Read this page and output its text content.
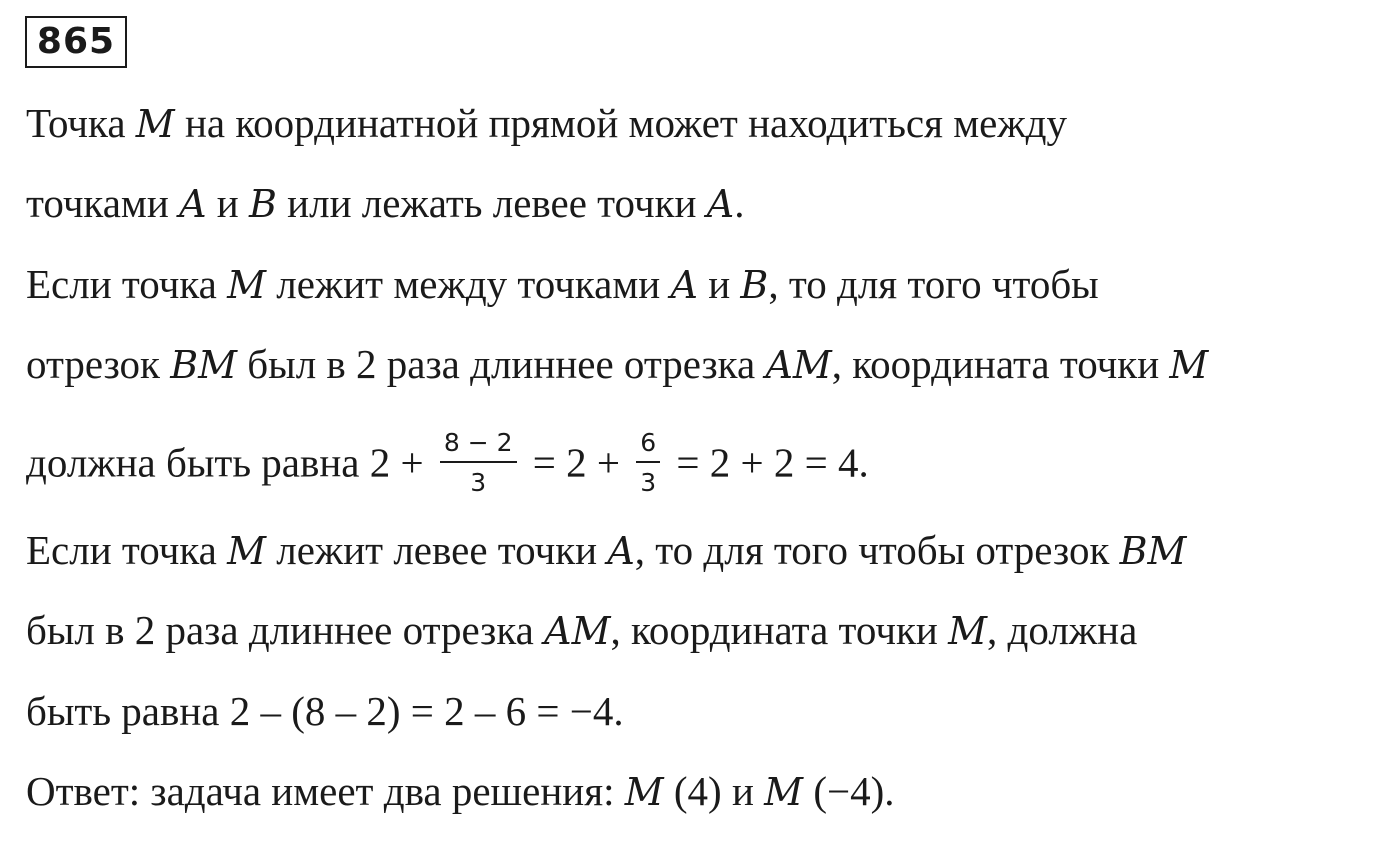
865
Точка M на координатной прямой может находиться между
точками A и B или лежать левее точки A.
Если точка M лежит между точками A и B, то для того чтобы
отрезок BM был в 2 раза длиннее отрезка AM, координата точки M
должна быть равна $2 + \frac{8 - 2}{3} = 2 + \frac{6}{3} = 2 + 2 = 4$.
Если точка M лежит левее точки A, то для того чтобы отрезок BM
был в 2 раза длиннее отрезка AM, координата точки M, должна
быть равна 2 – (8 – 2) = 2 – 6 = −4.
Ответ: задача имеет два решения: M (4) и M (−4).
